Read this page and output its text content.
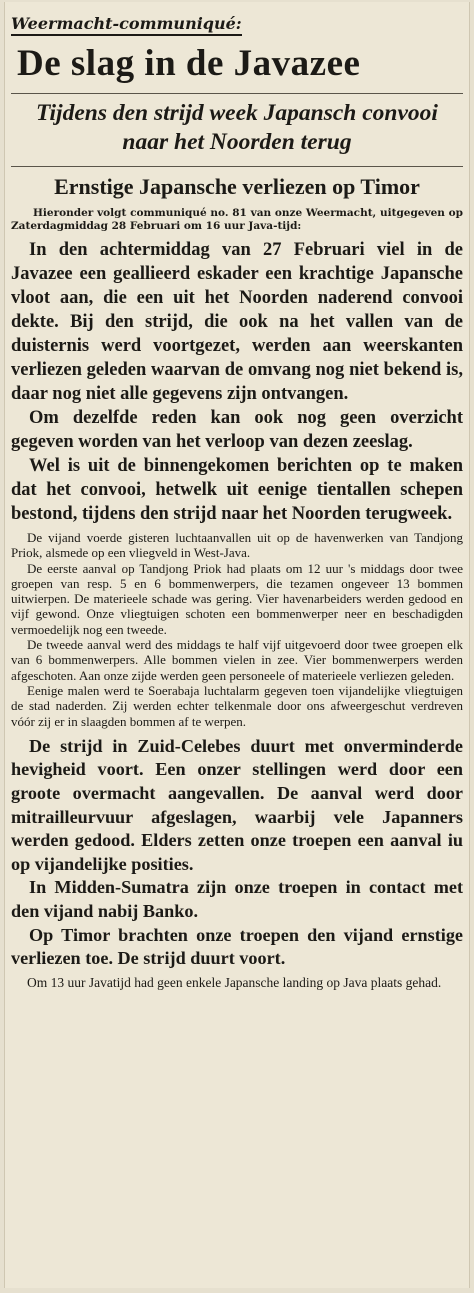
Weermacht-communiqué:
De slag in de Javazee
Tijdens den strijd week Japansch convooi naar het Noorden terug
Ernstige Japansche verliezen op Timor
Hieronder volgt communiqué no. 81 van onze Weermacht, uitgegeven op Zaterdagmiddag 28 Februari om 16 uur Java-tijd:

In den achtermiddag van 27 Februari viel in de Javazee een geallieerd eskader een krachtige Japansche vloot aan, die een uit het Noorden naderend convooi dekte. Bij den strijd, die ook na het vallen van de duisternis werd voortgezet, werden aan weerskanten verliezen geleden waarvan de omvang nog niet bekend is, daar nog niet alle gegevens zijn ontvangen.

Om dezelfde reden kan ook nog geen overzicht gegeven worden van het verloop van dezen zeeslag.

Wel is uit de binnengekomen berichten op te maken dat het convooi, hetwelk uit eenige tientallen schepen bestond, tijdens den strijd naar het Noorden terugweek.

De vijand voerde gisteren luchtaanvallen uit op de havenwerken van Tandjong Priok, alsmede op een vliegveld in West-Java.

De eerste aanval op Tandjong Priok had plaats om 12 uur 's middags door twee groepen van resp. 5 en 6 bommenwerpers, die tezamen ongeveer 13 bommen uitwierpen. De materieele schade was gering. Vier havenarbeiders werden gedood en vijf gewond. Onze vliegtuigen schoten een bommenwerper neer en beschadigden vermoedelijk nog een tweede.

De tweede aanval werd des middags te half vijf uitgevoerd door twee groepen elk van 6 bommenwerpers. Alle bommen vielen in zee. Vier bommenwerpers werden afgeschoten. Aan onze zijde werden geen personeele of materieele verliezen geleden.

Eenige malen werd te Soerabaja luchtalarm gegeven toen vijandelijke vliegtuigen de stad naderden. Zij werden echter telkenmale door ons afweergeschut verdreven vóór zij er in slaagden bommen af te werpen.

De strijd in Zuid-Celebes duurt met onverminderde hevigheid voort. Een onzer stellingen werd door een groote overmacht aangevallen. De aanval werd door mitrailleurvuur afgeslagen, waarbij vele Japanners werden gedood. Elders zetten onze troepen een aanval iu op vijandelijke posities.

In Midden-Sumatra zijn onze troepen in contact met den vijand nabij Banko.

Op Timor brachten onze troepen den vijand ernstige verliezen toe. De strijd duurt voort.

Om 13 uur Javatijd had geen enkele Japansche landing op Java plaats gehad.
